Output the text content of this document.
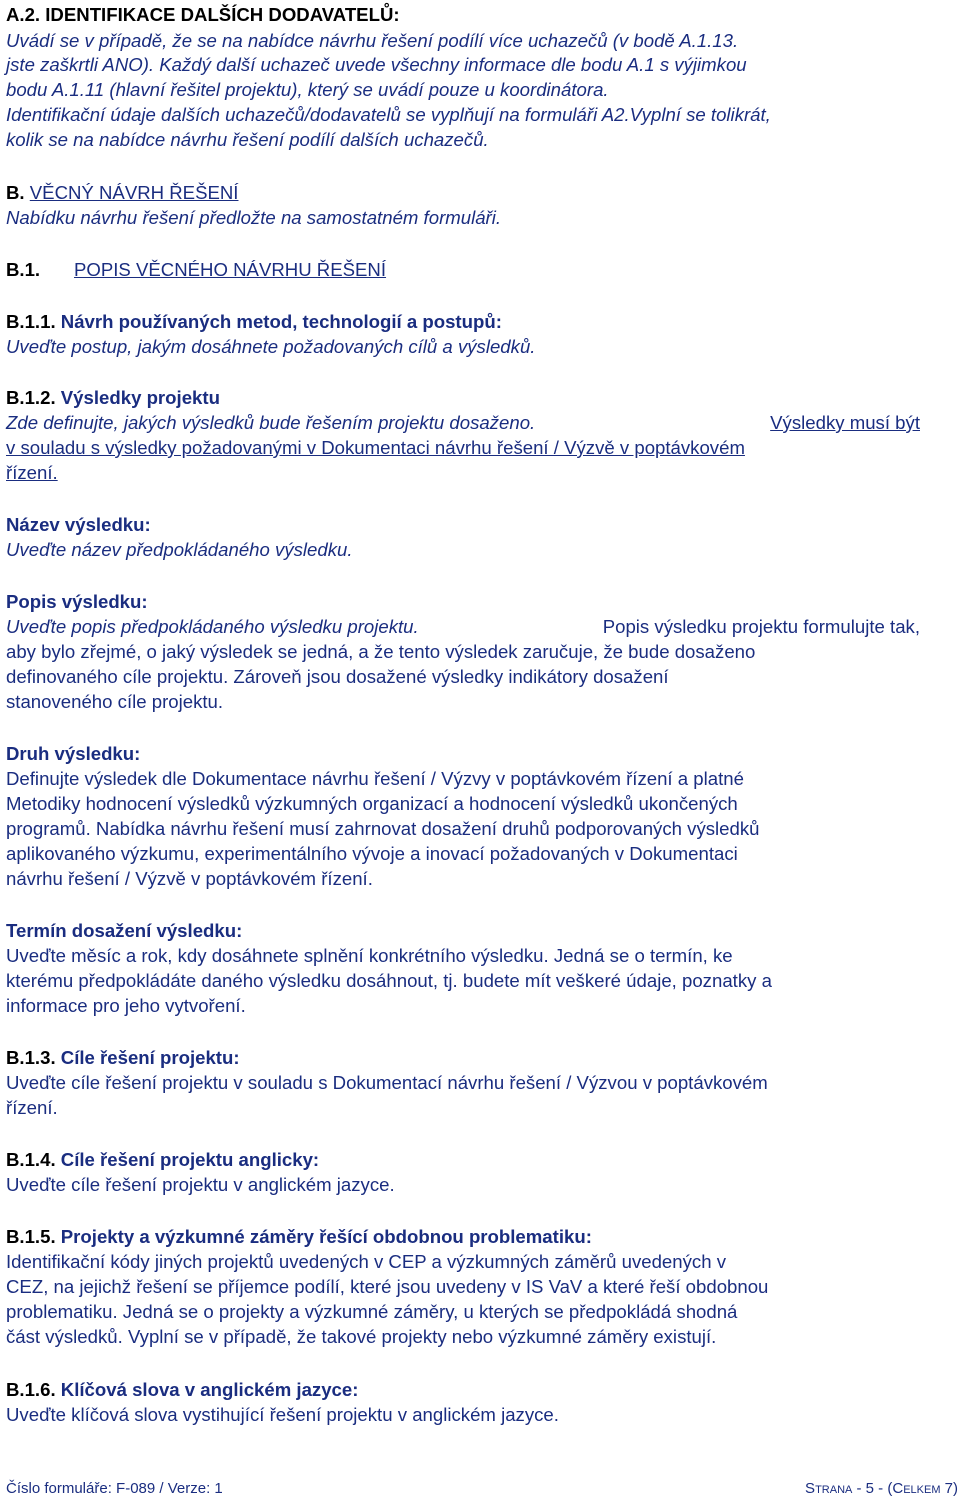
A.2. IDENTIFIKACE DALŠÍCH DODAVATELŮ:
Uvádí se v případě, že se na nabídce návrhu řešení podílí více uchazečů (v bodě A.1.13.
jste zaškrtli ANO). Každý další uchazeč uvede všechny informace dle bodu A.1 s výjimkou
bodu A.1.11 (hlavní řešitel projektu), který se uvádí pouze u koordinátora.
Identifikační údaje dalších uchazečů/dodavatelů se vyplňují na formuláři A2.Vyplní se tolikrát,
kolik se na nabídce návrhu řešení podílí dalších uchazečů.
B. VĚCNÝ NÁVRH ŘEŠENÍ
Nabídku návrhu řešení předložte na samostatném formuláři.
B.1. POPIS VĚCNÉHO NÁVRHU ŘEŠENÍ
B.1.1. Návrh používaných metod, technologií a postupů:
Uveďte postup, jakým dosáhnete požadovaných cílů a výsledků.
B.1.2. Výsledky projektu
Zde definujte, jakých výsledků bude řešením projektu dosaženo.	Výsledky musí být
v souladu s výsledky požadovanými v Dokumentaci návrhu řešení / Výzvě v poptávkovém
řízení.
Název výsledku:
Uveďte název předpokládaného výsledku.
Popis výsledku:
Uveďte popis předpokládaného výsledku projektu.	Popis výsledku projektu formulujte tak,
aby bylo zřejmé, o jaký výsledek se jedná, a že tento výsledek zaručuje, že bude dosaženo
definovaného cíle projektu. Zároveň jsou dosažené výsledky indikátory dosažení
stanoveného cíle projektu.
Druh výsledku:
Definujte výsledek dle Dokumentace návrhu řešení / Výzvy v poptávkovém řízení a platné
Metodiky hodnocení výsledků výzkumných organizací a hodnocení výsledků ukončených
programů. Nabídka návrhu řešení musí zahrnovat dosažení druhů podporovaných výsledků
aplikovaného výzkumu, experimentálního vývoje a inovací požadovaných v Dokumentaci
návrhu řešení / Výzvě v poptávkovém řízení.
Termín dosažení výsledku:
Uveďte měsíc a rok, kdy dosáhnete splnění konkrétního výsledku. Jedná se o termín, ke
kterému předpokládáte daného výsledku dosáhnout, tj. budete mít veškeré údaje, poznatky a
informace pro jeho vytvoření.
B.1.3. Cíle řešení projektu:
Uveďte cíle řešení projektu v souladu s Dokumentací návrhu řešení / Výzvou v poptávkovém
řízení.
B.1.4. Cíle řešení projektu anglicky:
Uveďte cíle řešení projektu v anglickém jazyce.
B.1.5. Projekty a výzkumné záměry řešící obdobnou problematiku:
Identifikační kódy jiných projektů uvedených v CEP a výzkumných záměrů uvedených v
CEZ, na jejichž řešení se příjemce podílí, které jsou uvedeny v IS VaV a které řeší obdobnou
problematiku. Jedná se o projekty a výzkumné záměry, u kterých se předpokládá shodná
část výsledků. Vyplní se v případě, že takové projekty nebo výzkumné záměry existují.
B.1.6. Klíčová slova v anglickém jazyce:
Uveďte klíčová slova vystihující řešení projektu v anglickém jazyce.
Číslo formuláře: F-089 / Verze: 1	STRANA - 5 - (CELKEM 7)
